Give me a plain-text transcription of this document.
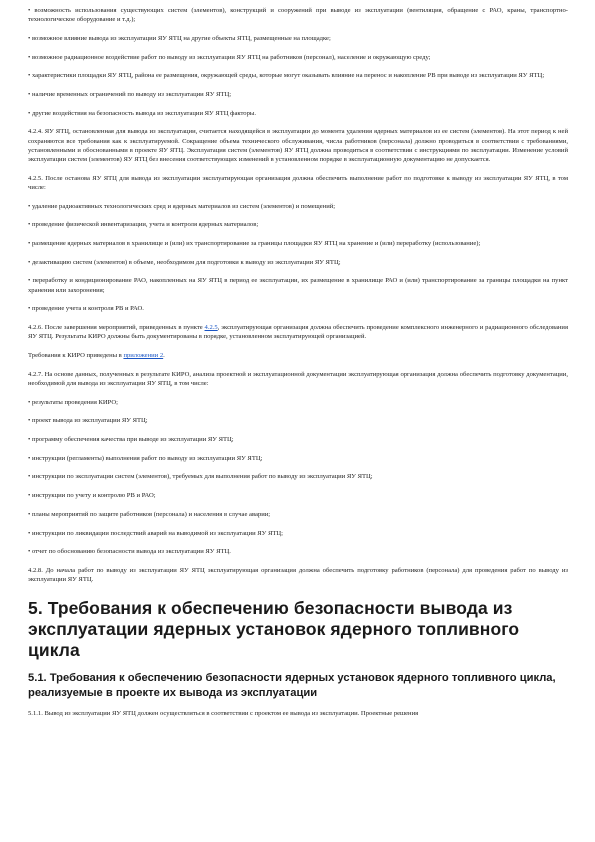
• возможность использования существующих систем (элементов), конструкций и сооружений при выводе из эксплуатации (вентиляция, обращение с РАО, краны, транспортно-технологическое оборудование и т.д.);

• возможное влияние вывода из эксплуатации ЯУ ЯТЦ на другие объекты ЯТЦ, размещенные на площадке;

• возможное радиационное воздействие работ по выводу из эксплуатации ЯУ ЯТЦ на работников (персонал), население и окружающую среду;

• характеристики площадки ЯУ ЯТЦ, района ее размещения, окружающей среды, которые могут оказывать влияние на перенос и накопление РВ при выводе из эксплуатации ЯУ ЯТЦ;

• наличие временных ограничений по выводу из эксплуатации ЯУ ЯТЦ;

• другие воздействия на безопасность вывода из эксплуатации ЯУ ЯТЦ факторы.

4.2.4. ЯУ ЯТЦ, остановленная для вывода из эксплуатации, считается находящейся в эксплуатации до момента удаления ядерных материалов из ее систем (элементов). На этот период к ней сохраняются все требования как к эксплуатируемой. Сокращение объема технического обслуживания, числа работников (персонала) должно проводиться в соответствии с требованиями, установленными и обоснованными в проекте ЯУ ЯТЦ. Эксплуатация систем (элементов) ЯУ ЯТЦ должна проводиться в соответствии с инструкциями по эксплуатации. Изменение условий эксплуатации систем (элементов) ЯУ ЯТЦ без внесения соответствующих изменений в установленном порядке в эксплуатационную документацию не допускается.

4.2.5. После останова ЯУ ЯТЦ для вывода из эксплуатации эксплуатирующая организация должна обеспечить выполнение работ по подготовке к выводу из эксплуатации ЯУ ЯТЦ, в том числе:

• удаление радиоактивных технологических сред и ядерных материалов из систем (элементов) и помещений;

• проведение физической инвентаризации, учета и контроля ядерных материалов;

• размещение ядерных материалов в хранилище и (или) их транспортирование за границы площадки ЯУ ЯТЦ на хранение и (или) переработку (использование);

• дезактивацию систем (элементов) в объеме, необходимом для подготовки к выводу из эксплуатации ЯУ ЯТЦ;

• переработку и кондиционирование РАО, накопленных на ЯУ ЯТЦ в период ее эксплуатации, их размещение в хранилище РАО и (или) транспортирование за границы площадки на пункт хранения или захоронения;

• проведение учета и контроля РВ и РАО.

4.2.6. После завершения мероприятий, приведенных в пункте 4.2.5, эксплуатирующая организация должна обеспечить проведение комплексного инженерного и радиационного обследования ЯУ ЯТЦ. Результаты КИРО должны быть документированы в порядке, установленном эксплуатирующей организацией.

Требования к КИРО приведены в приложении 2.

4.2.7. На основе данных, полученных в результате КИРО, анализа проектной и эксплуатационной документации эксплуатирующая организация должна обеспечить подготовку документации, необходимой для вывода из эксплуатации ЯУ ЯТЦ, в том числе:

• результаты проведения КИРО;

• проект вывода из эксплуатации ЯУ ЯТЦ;

• программу обеспечения качества при выводе из эксплуатации ЯУ ЯТЦ;

• инструкции (регламенты) выполнения работ по выводу из эксплуатации ЯУ ЯТЦ;

• инструкции по эксплуатации систем (элементов), требуемых для выполнения работ по выводу из эксплуатации ЯУ ЯТЦ;

• инструкции по учету и контролю РВ и РАО;

• планы мероприятий по защите работников (персонала) и населения в случае аварии;

• инструкции по ликвидации последствий аварий на выводимой из эксплуатации ЯУ ЯТЦ;

• отчет по обоснованию безопасности вывода из эксплуатации ЯУ ЯТЦ.

4.2.8. До начала работ по выводу из эксплуатации ЯУ ЯТЦ эксплуатирующая организация должна обеспечить подготовку работников (персонала) для проведения работ по выводу из эксплуатации ЯУ ЯТЦ.

5. Требования к обеспечению безопасности вывода из эксплуатации ядерных установок ядерного топливного цикла
5.1. Требования к обеспечению безопасности ядерных установок ядерного топливного цикла, реализуемые в проекте их вывода из эксплуатации

5.1.1. Вывод из эксплуатации ЯУ ЯТЦ должен осуществляться в соответствии с проектом ее вывода из эксплуатации. Проектные решения
